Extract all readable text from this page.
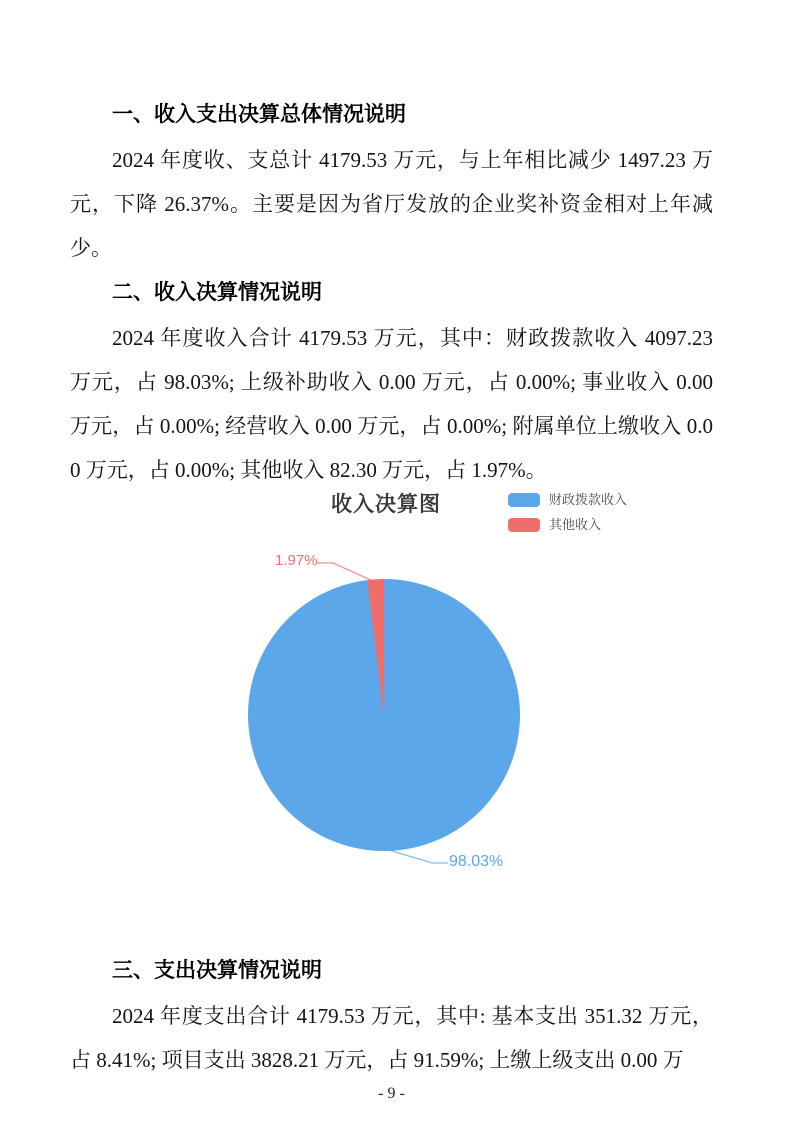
一、收入支出决算总体情况说明

2024 年度收、支总计 4179.53 万元，与上年相比减少 1497.23 万元，下降 26.37%。主要是因为省厅发放的企业奖补资金相对上年减少。

二、收入决算情况说明

2024 年度收入合计 4179.53 万元，其中：财政拨款收入 4097.23 万元，占 98.03%; 上级补助收入 0.00 万元，占 0.00%; 事业收入 0.00 万元，占 0.00%; 经营收入 0.00 万元，占 0.00%; 附属单位上缴收入 0.00 万元，占 0.00%; 其他收入 82.30 万元，占 1.97%。

收入决算图	财政拨款收入
其他收入
1.97%
98.03%
三、支出决算情况说明

2024 年度支出合计 4179.53 万元，其中: 基本支出 351.32 万元，占 8.41%; 项目支出 3828.21 万元，占 91.59%; 上缴上级支出 0.00 万

- 9 -
